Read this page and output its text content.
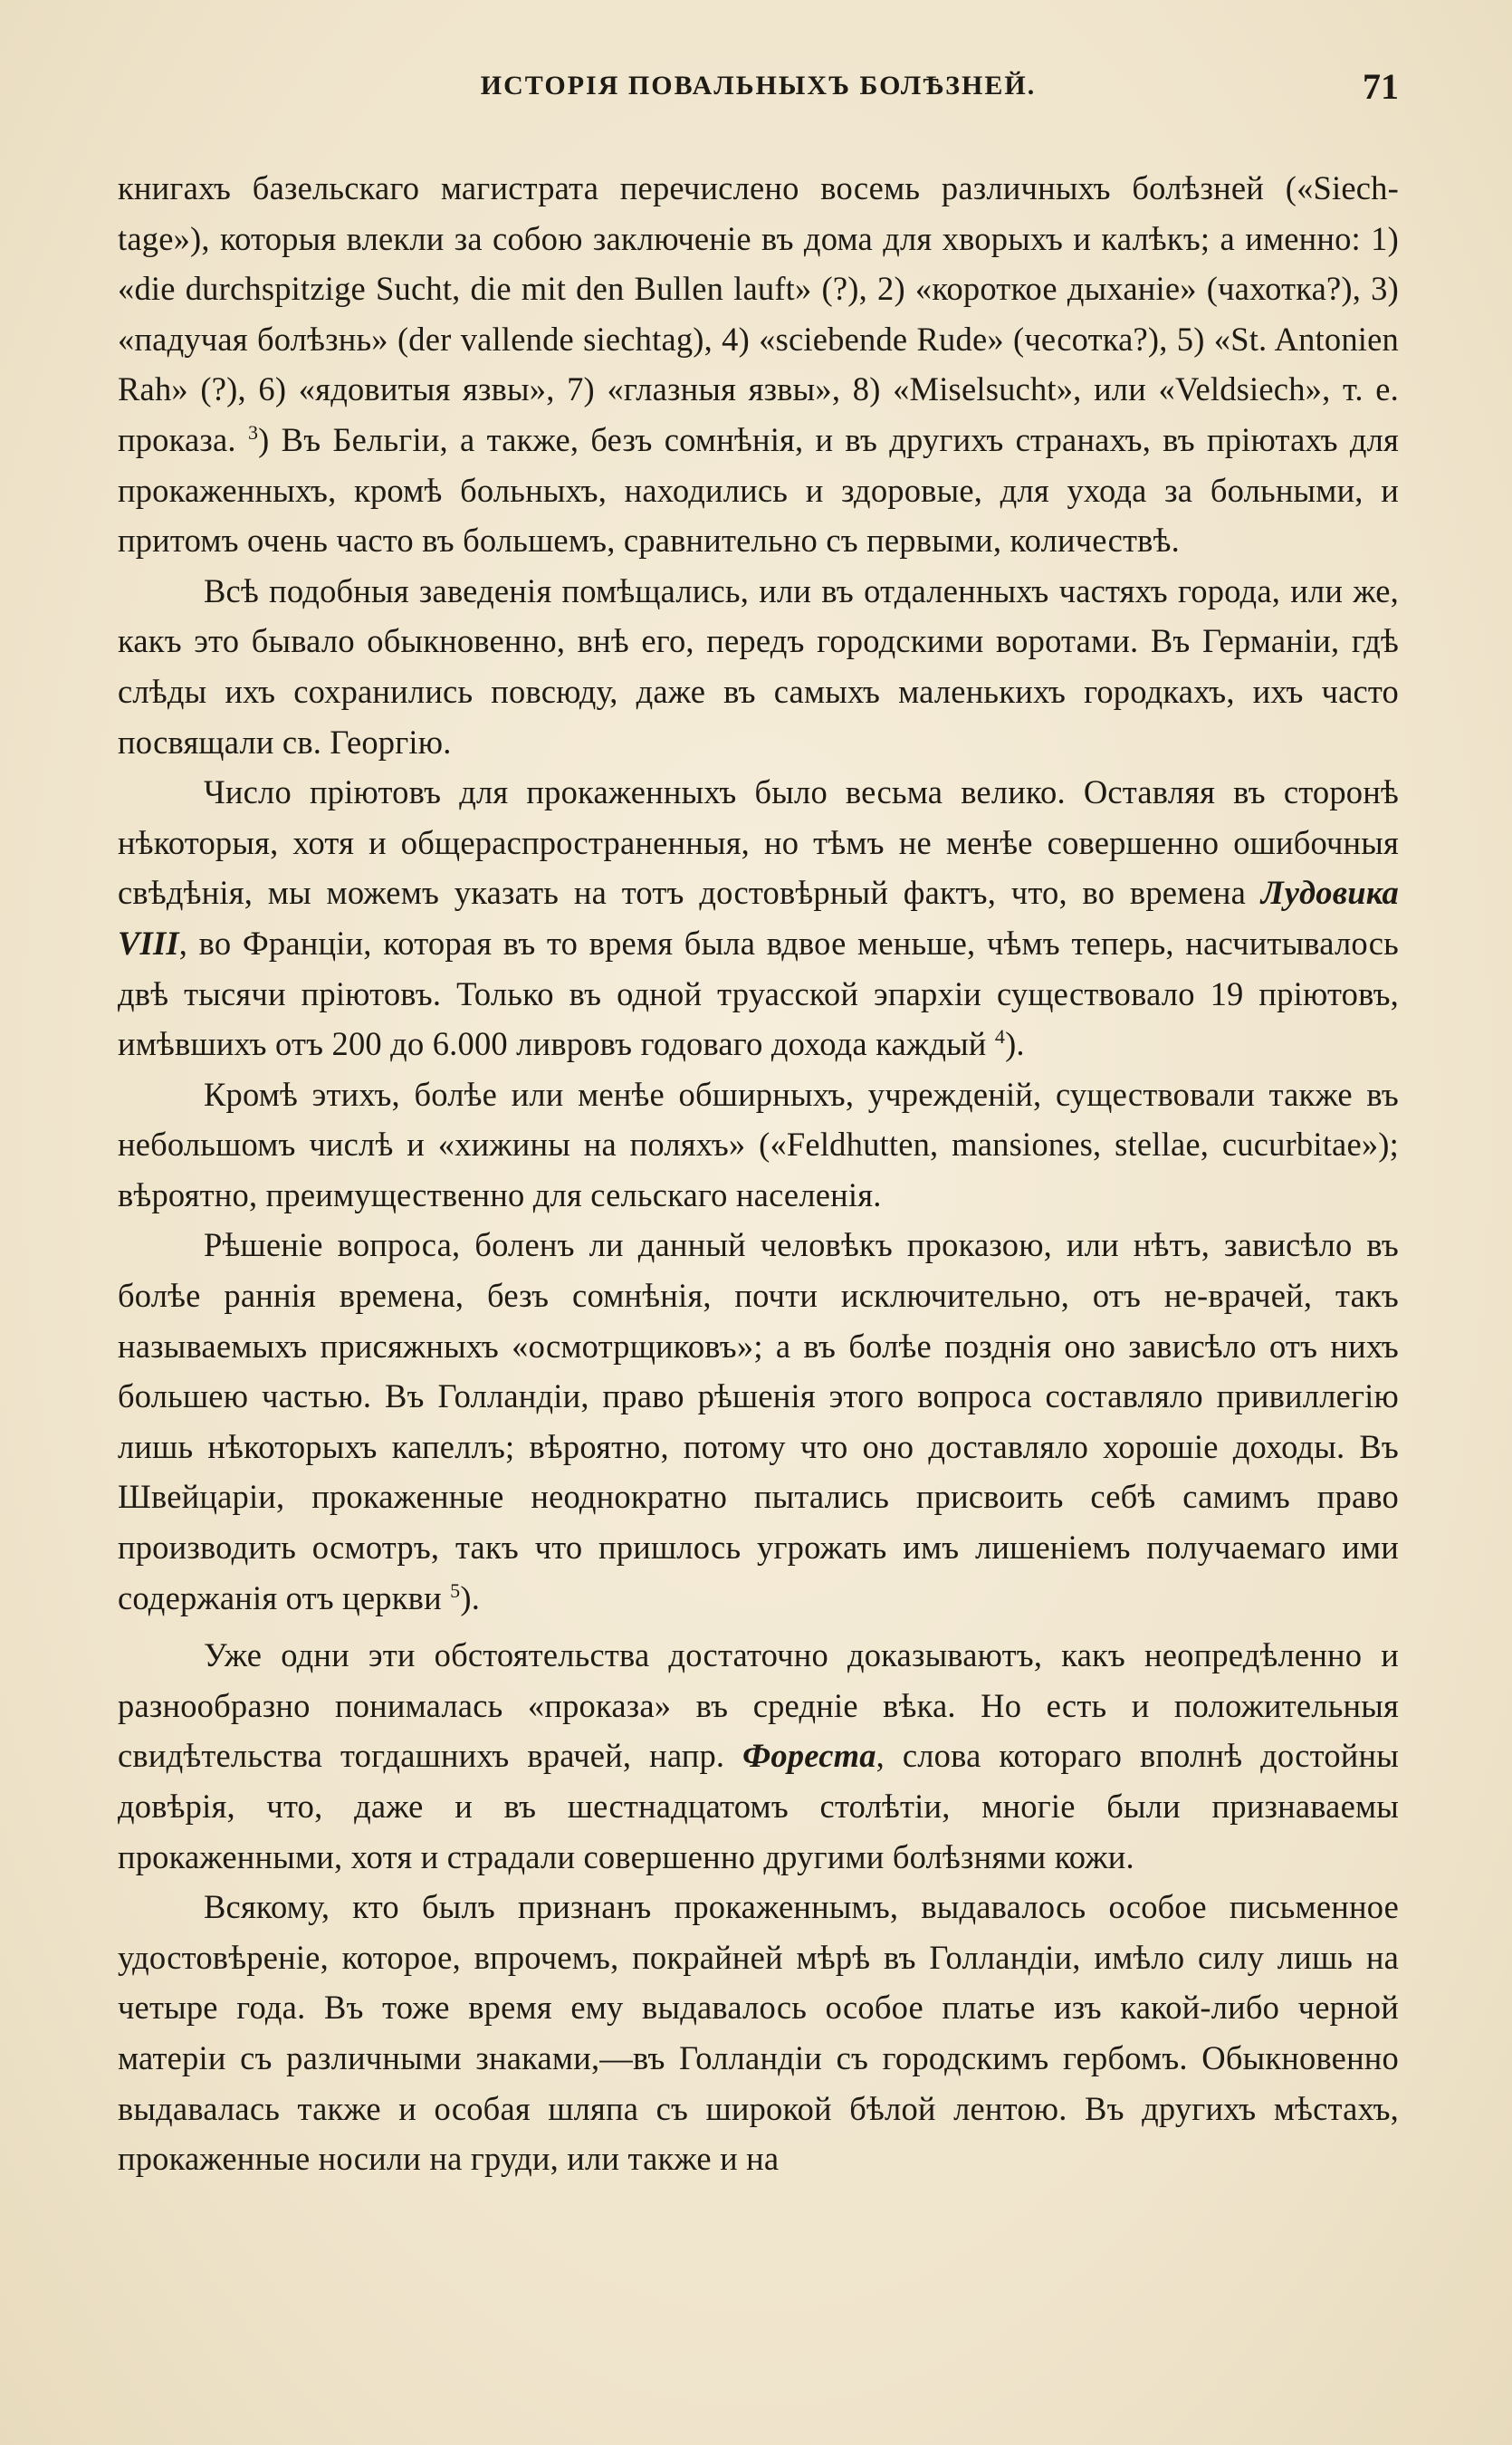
ИСТОРІЯ ПОВАЛЬНЫХЪ БОЛѢЗНЕЙ.	71

книгахъ базельскаго магистрата перечислено восемь различныхъ болѣзней («Siech-tage»), которыя влекли за собою заключеніе въ дома для хворыхъ и калѣкъ; а именно: 1) «die durchspitzige Sucht, die mit den Bullen lauft» (?), 2) «короткое дыханіе» (чахотка?), 3) «падучая болѣзнь» (der vallende siechtag), 4) «sciebende Rude» (чесотка?), 5) «St. Antonien Rah» (?), 6) «ядовитыя язвы», 7) «глазныя язвы», 8) «Miselsucht», или «Veldsiech», т. е. проказа. $^3$) Въ Бельгіи, а также, безъ сомнѣнія, и въ другихъ странахъ, въ пріютахъ для прокаженныхъ, кромѣ больныхъ, находились и здоровые, для ухода за больными, и притомъ очень часто въ большемъ, сравнительно съ первыми, количествѣ.

Всѣ подобныя заведенія помѣщались, или въ отдаленныхъ частяхъ города, или же, какъ это бывало обыкновенно, внѣ его, передъ городскими воротами. Въ Германіи, гдѣ слѣды ихъ сохранились повсюду, даже въ самыхъ маленькихъ городкахъ, ихъ часто посвящали св. Георгію.

Число пріютовъ для прокаженныхъ было весьма велико. Оставляя въ сторонѣ нѣкоторыя, хотя и общераспространенныя, но тѣмъ не менѣе совершенно ошибочныя свѣдѣнія, мы можемъ указать на тотъ достовѣрный фактъ, что, во времена Лудовика VIII, во Франціи, которая въ то время была вдвое меньше, чѣмъ теперь, насчитывалось двѣ тысячи пріютовъ. Только въ одной труасской эпархіи существовало 19 пріютовъ, имѣвшихъ отъ 200 до 6.000 ливровъ годоваго дохода каждый $^4$).

Кромѣ этихъ, болѣе или менѣе обширныхъ, учрежденій, существовали также въ небольшомъ числѣ и «хижины на поляхъ» («Feldhutten, mansiones, stellae, cucurbitae»); вѣроятно, преимущественно для сельскаго населенія.

Рѣшеніе вопроса, боленъ ли данный человѣкъ проказою, или нѣтъ, зависѣло въ болѣе раннія времена, безъ сомнѣнія, почти исключительно, отъ не-врачей, такъ называемыхъ присяжныхъ «осмотрщиковъ»; а въ болѣе позднія оно зависѣло отъ нихъ большею частью. Въ Голландіи, право рѣшенія этого вопроса составляло привиллегію лишь нѣкоторыхъ капеллъ; вѣроятно, потому что оно доставляло хорошіе доходы. Въ Швейцаріи, прокаженные неоднократно пытались присвоить себѣ самимъ право производить осмотръ, такъ что пришлось угрожать имъ лишеніемъ получаемаго ими содержанія отъ церкви $^5$).

Уже одни эти обстоятельства достаточно доказываютъ, какъ неопредѣленно и разнообразно понималась «проказа» въ средніе вѣка. Но есть и положительныя свидѣтельства тогдашнихъ врачей, напр. Фореста, слова котораго вполнѣ достойны довѣрія, что, даже и въ шестнадцатомъ столѣтіи, многіе были признаваемы прокаженными, хотя и страдали совершенно другими болѣзнями кожи.

Всякому, кто былъ признанъ прокаженнымъ, выдавалось особое письменное удостовѣреніе, которое, впрочемъ, покрайней мѣрѣ въ Голландіи, имѣло силу лишь на четыре года. Въ тоже время ему выдавалось особое платье изъ какой-либо черной матеріи съ различными знаками,—въ Голландіи съ городскимъ гербомъ. Обыкновенно выдавалась также и особая шляпа съ широкой бѣлой лентою. Въ другихъ мѣстахъ, прокаженные носили на груди, или также и на
